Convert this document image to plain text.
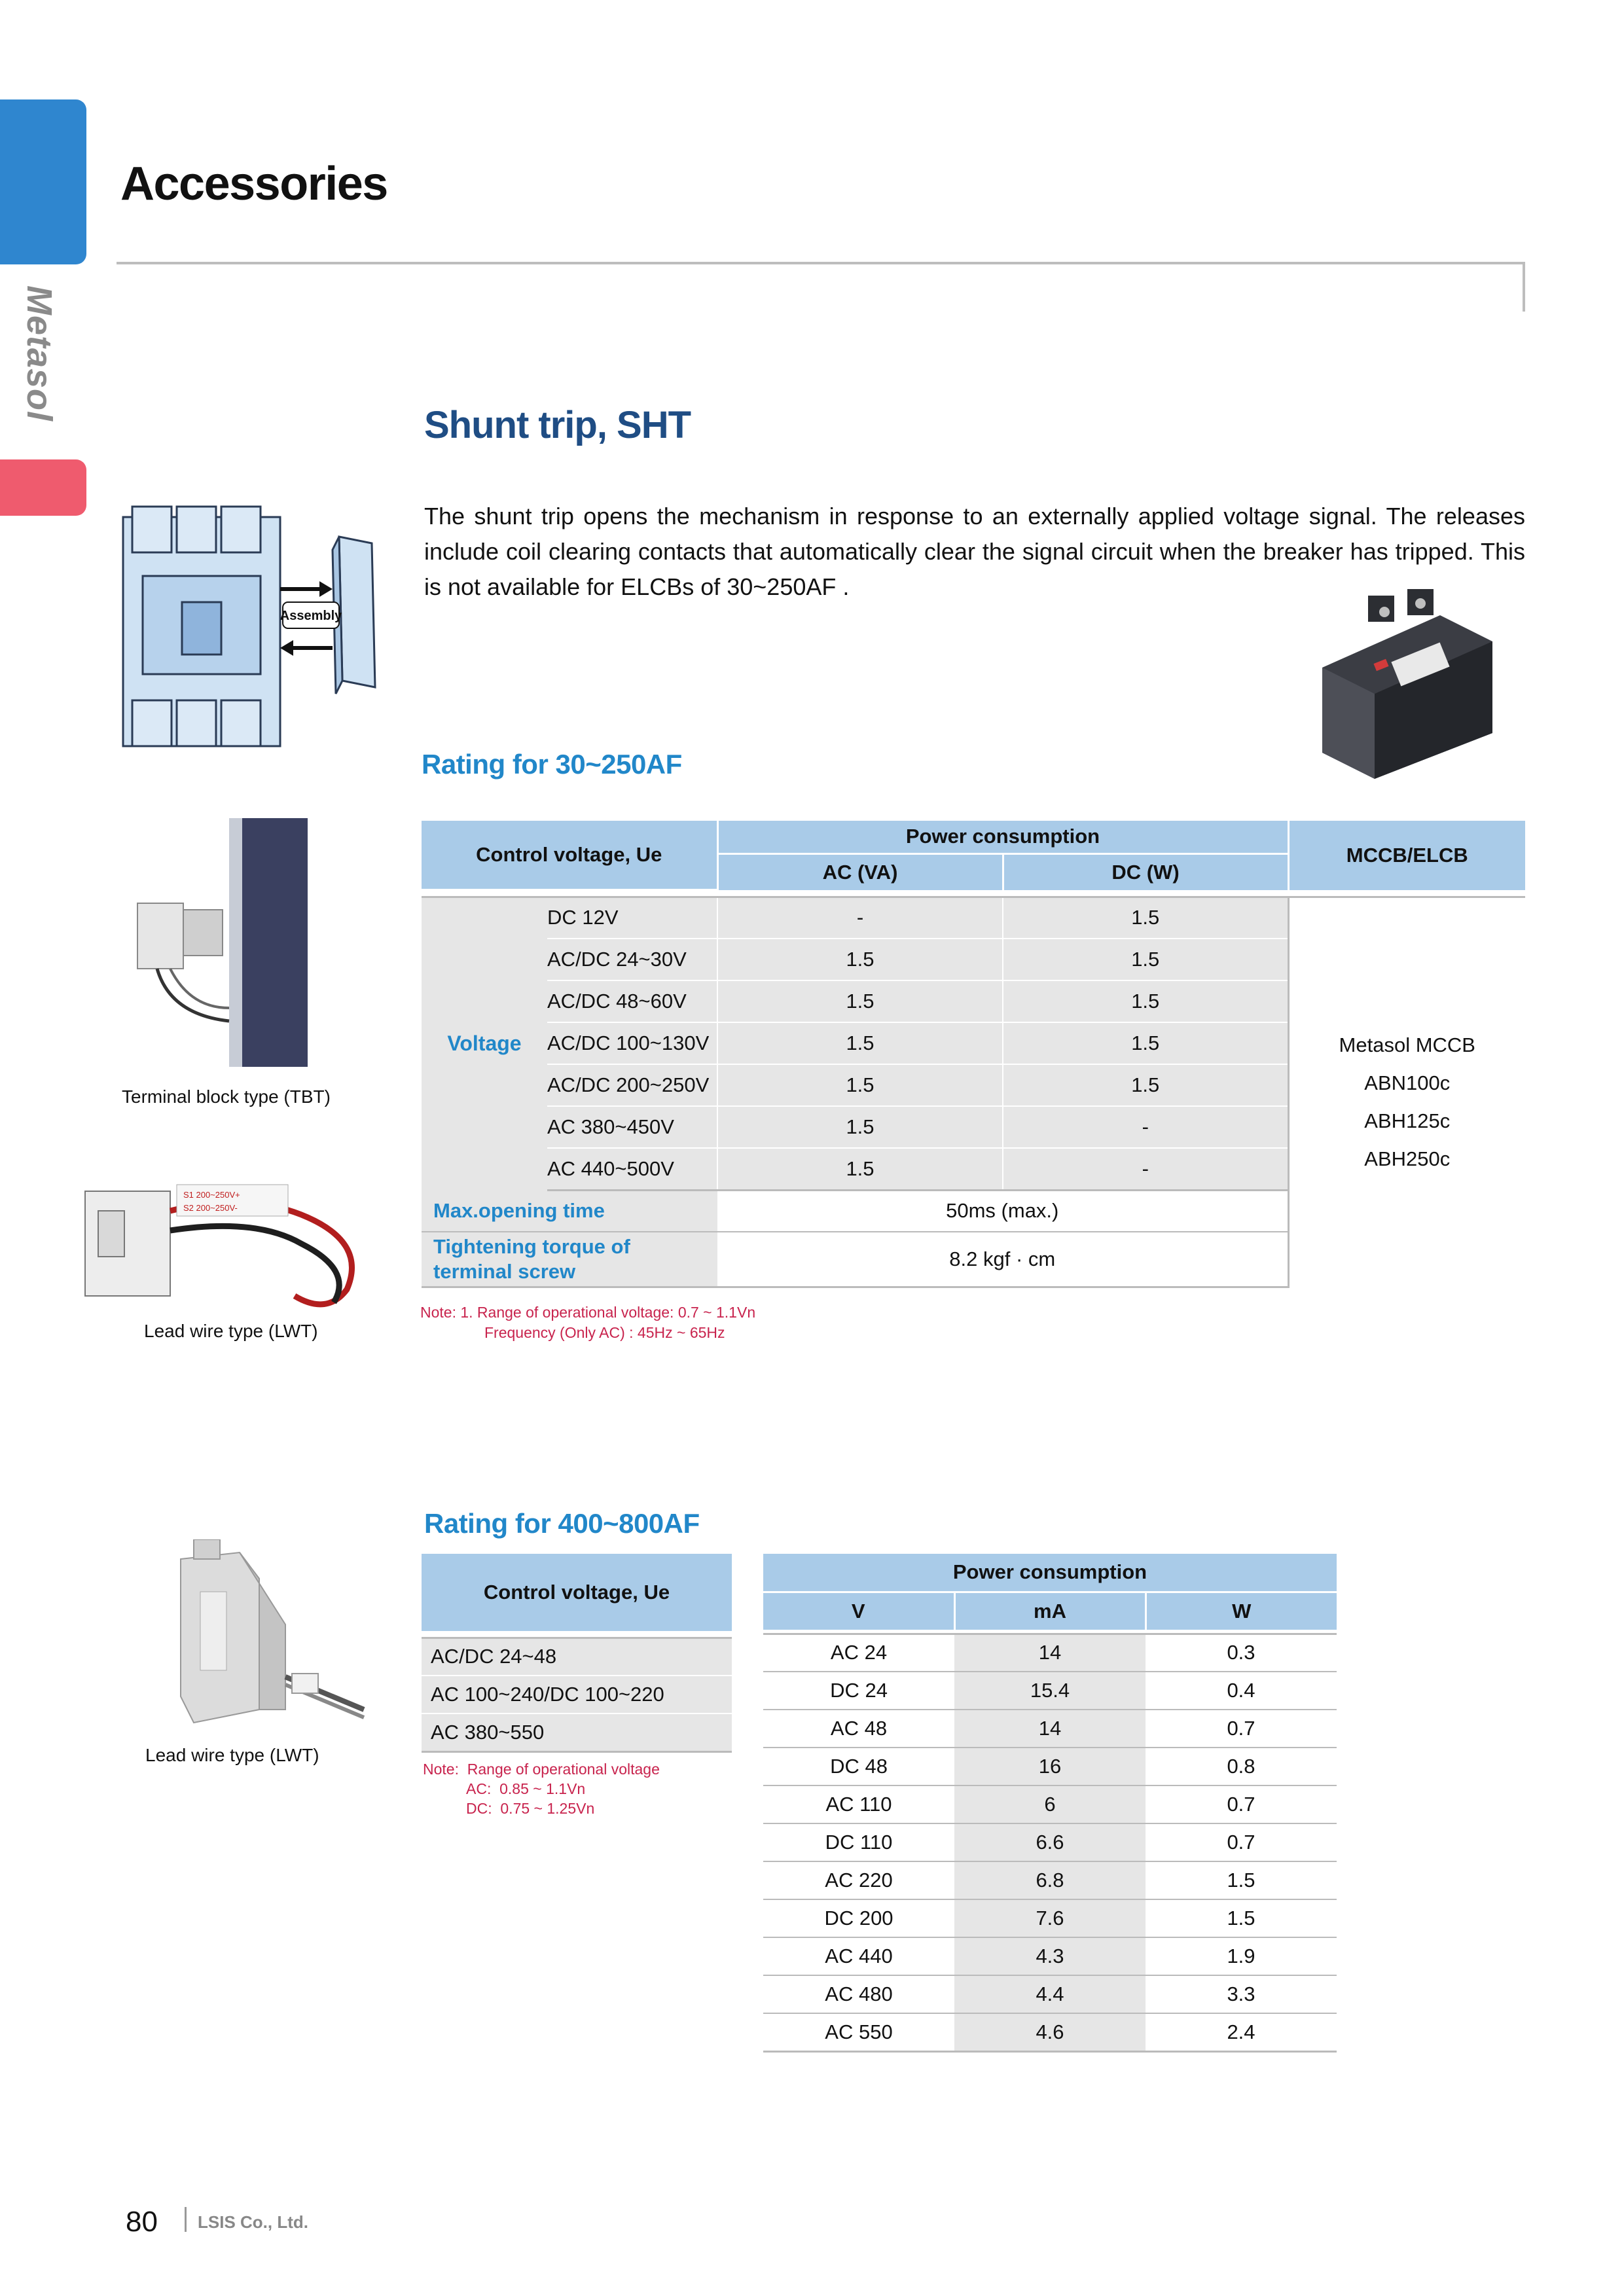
Metasol
Accessories
Shunt trip, SHT
The shunt trip opens the mechanism in response to an externally applied voltage signal. The releases include coil clearing contacts that automatically clear the signal circuit when the breaker has tripped. This is not available for ELCBs of 30~250AF .
Assembly
Rating for 30~250AF
Terminal block type (TBT)
S1 200~250V+
S2 200~250V-
Lead wire type (LWT)
Control voltage, Ue		Power consumption		MCCB/ELCB
		AC (VA)	DC (W)	

Voltage	DC 12V	-	1.5	Metasol MCCB
ABN100c
ABH125c
ABH250c

	AC/DC 24~30V	1.5	1.5	
	AC/DC 48~60V	1.5	1.5	
	AC/DC 100~130V	1.5	1.5	
	AC/DC 200~250V	1.5	1.5	
	AC 380~450V	1.5	-	
	AC 440~500V	1.5	-	
Max.opening time		50ms (max.)		

Tightening torque of
terminal screw		8.2 kgf · cm		
Note: 1. Range of operational voltage: 0.7 ~ 1.1Vn
Frequency (Only AC) : 45Hz ~ 65Hz
Rating for 400~800AF
Lead wire type (LWT)
Control voltage, Ue

AC/DC 24~48
AC 100~240/DC 100~220
AC 380~550
Note:  Range of operational voltage
AC:  0.85 ~ 1.1Vn
DC:  0.75 ~ 1.25Vn
Power consumption		
V	mA	W

AC 24	14	0.3
DC 24	15.4	0.4
AC 48	14	0.7
DC 48	16	0.8
AC 110	6	0.7
DC 110	6.6	0.7
AC 220	6.8	1.5
DC 200	7.6	1.5
AC 440	4.3	1.9
AC 480	4.4	3.3
AC 550	4.6	2.4
80 LSIS Co., Ltd.
